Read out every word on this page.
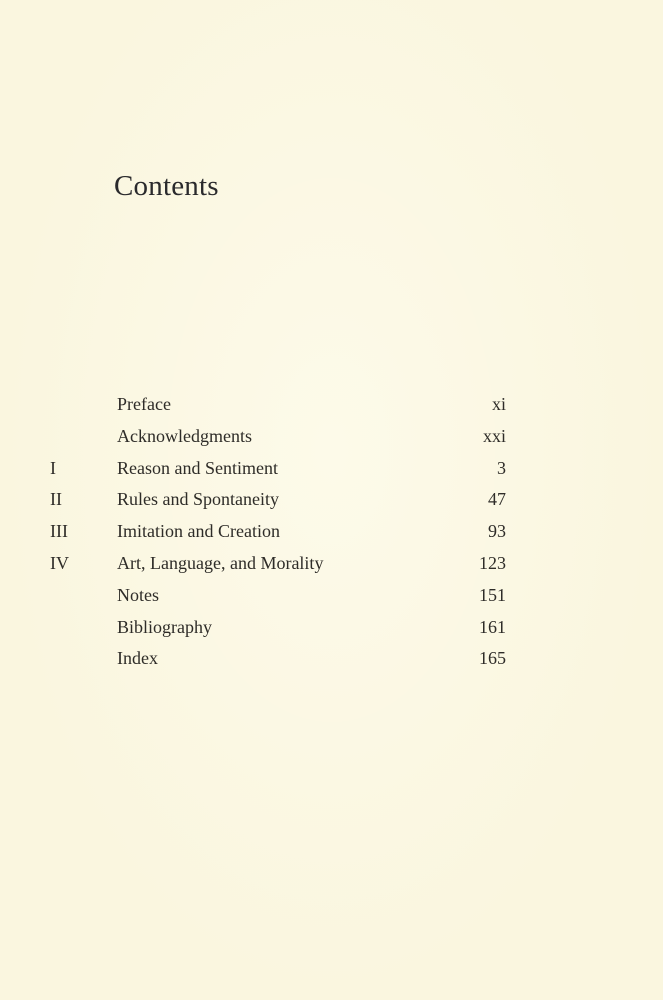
Contents
Preface	xi
Acknowledgments	xxi
I	Reason and Sentiment	3
II	Rules and Spontaneity	47
III	Imitation and Creation	93
IV	Art, Language, and Morality	123
Notes	151
Bibliography	161
Index	165
